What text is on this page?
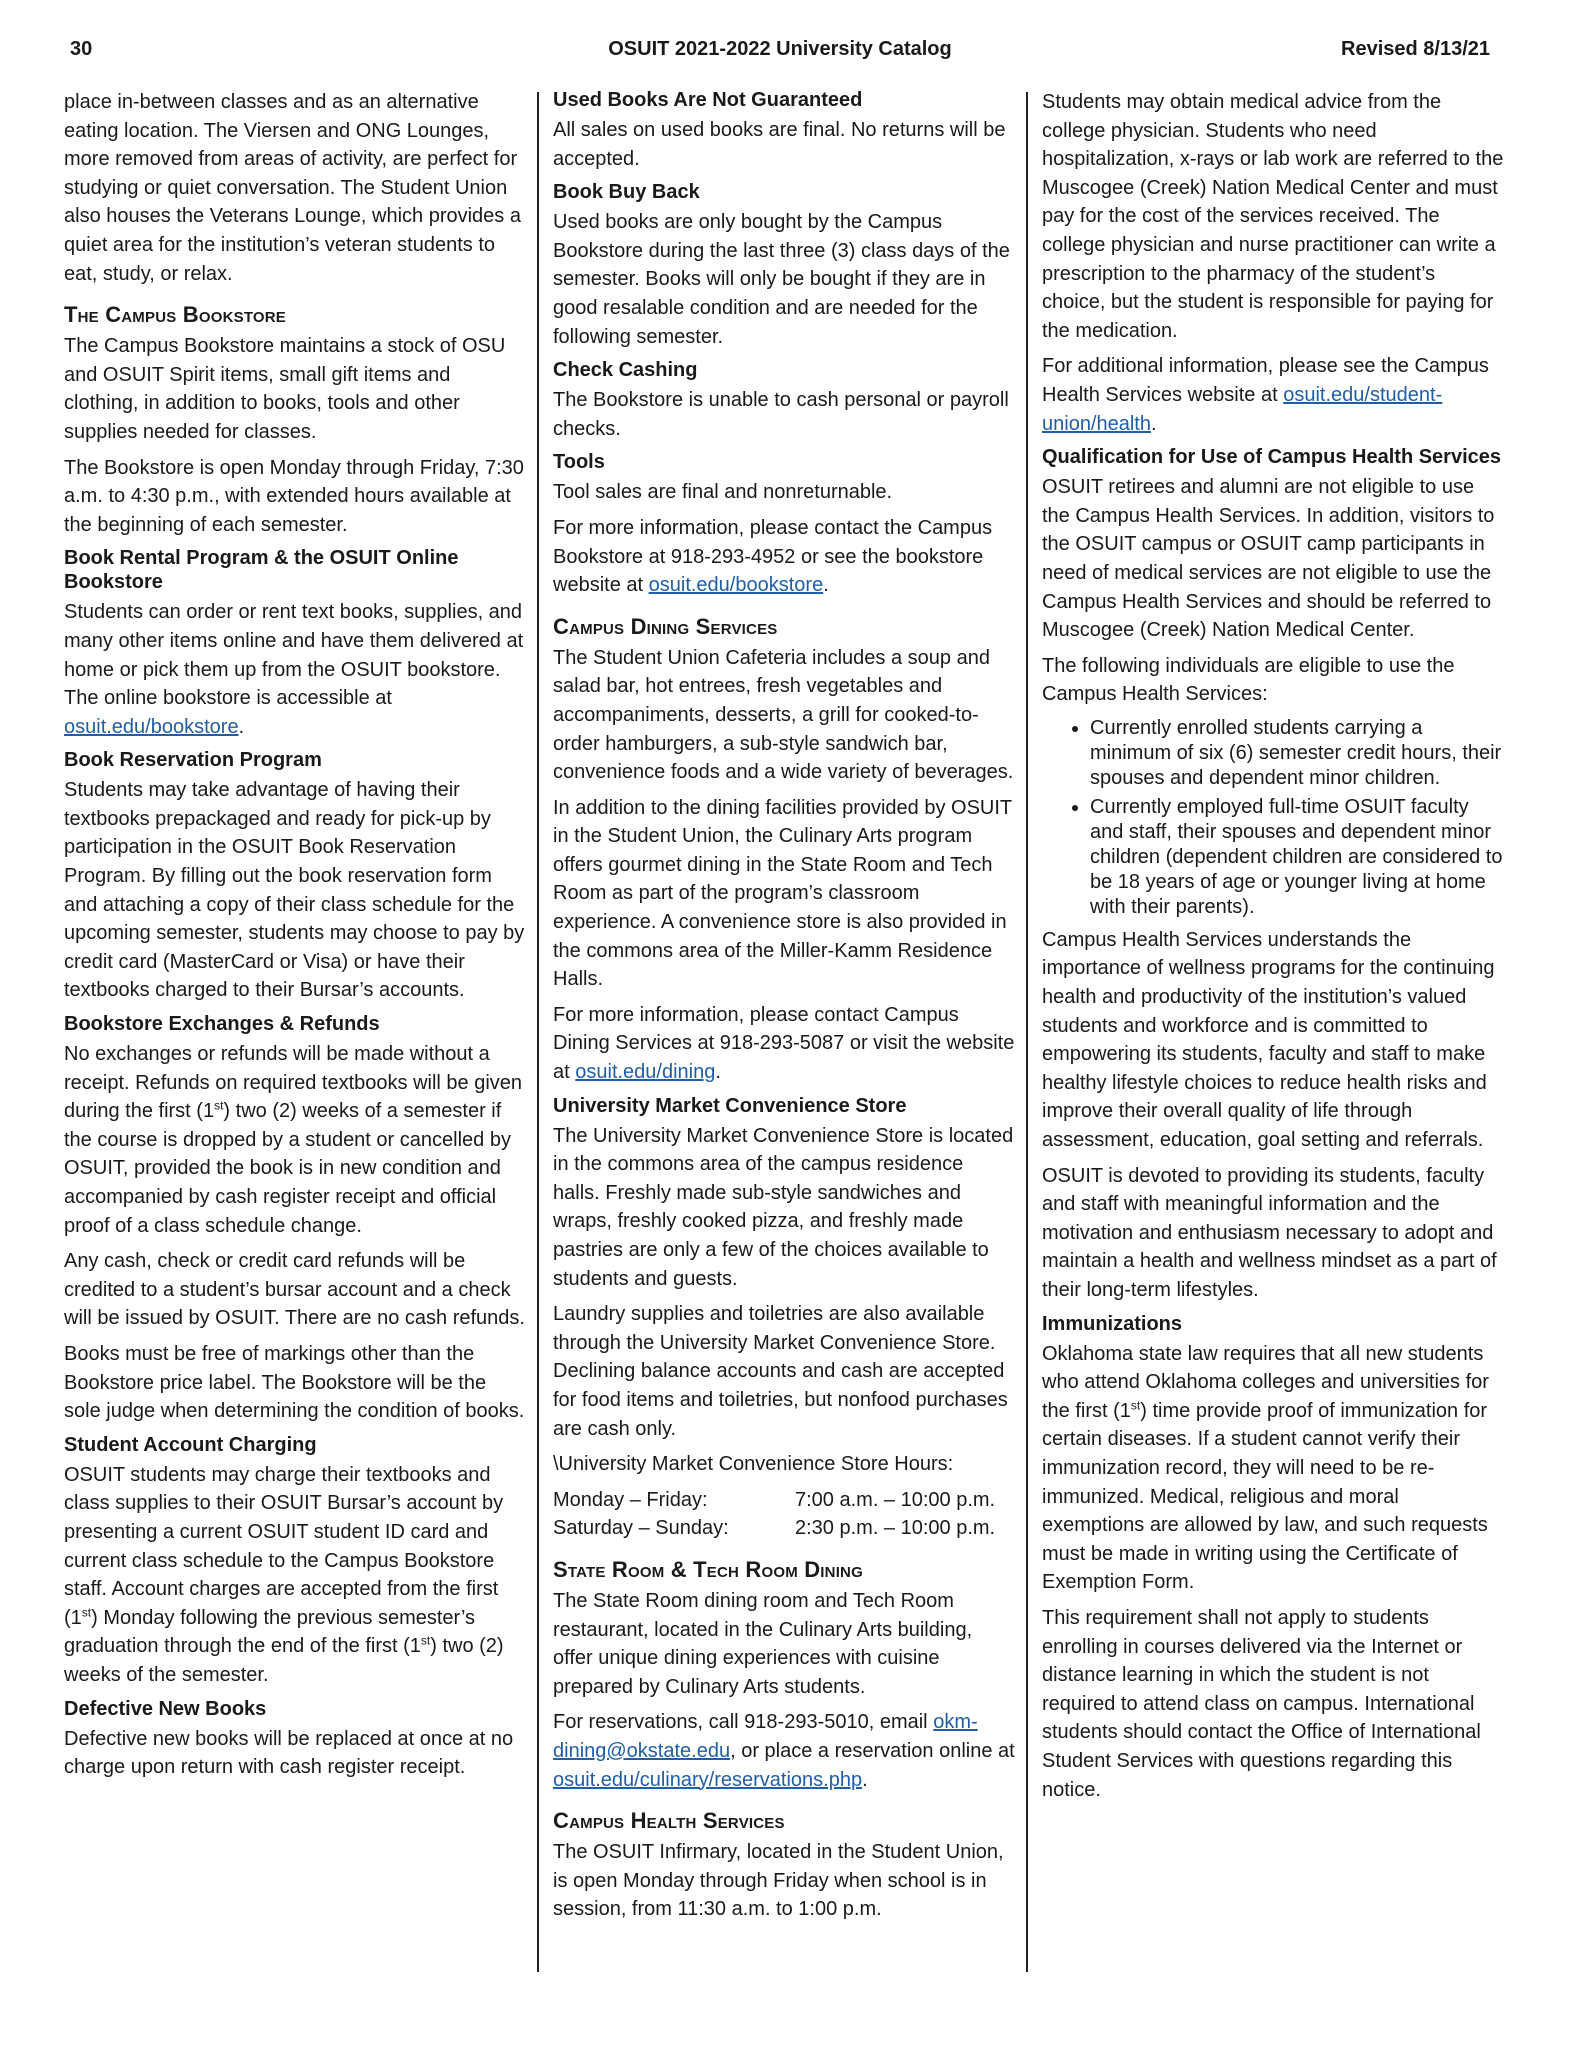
30	OSUIT 2021-2022 University Catalog	Revised 8/13/21

place in-between classes and as an alternative eating location. The Viersen and ONG Lounges, more removed from areas of activity, are perfect for studying or quiet conversation. The Student Union also houses the Veterans Lounge, which provides a quiet area for the institution’s veteran students to eat, study, or relax.

The Campus Bookstore

The Campus Bookstore maintains a stock of OSU and OSUIT Spirit items, small gift items and clothing, in addition to books, tools and other supplies needed for classes.

The Bookstore is open Monday through Friday, 7:30 a.m. to 4:30 p.m., with extended hours available at the beginning of each semester.

Book Rental Program & the OSUIT Online Bookstore

Students can order or rent text books, supplies, and many other items online and have them delivered at home or pick them up from the OSUIT bookstore. The online bookstore is accessible at osuit.edu/bookstore.

Book Reservation Program

Students may take advantage of having their textbooks prepackaged and ready for pick-up by participation in the OSUIT Book Reservation Program. By filling out the book reservation form and attaching a copy of their class schedule for the upcoming semester, students may choose to pay by credit card (MasterCard or Visa) or have their textbooks charged to their Bursar’s accounts.

Bookstore Exchanges & Refunds

No exchanges or refunds will be made without a receipt. Refunds on required textbooks will be given during the first (1st) two (2) weeks of a semester if the course is dropped by a student or cancelled by OSUIT, provided the book is in new condition and accompanied by cash register receipt and official proof of a class schedule change.

Any cash, check or credit card refunds will be credited to a student’s bursar account and a check will be issued by OSUIT. There are no cash refunds.

Books must be free of markings other than the Bookstore price label. The Bookstore will be the sole judge when determining the condition of books.

Student Account Charging

OSUIT students may charge their textbooks and class supplies to their OSUIT Bursar’s account by presenting a current OSUIT student ID card and current class schedule to the Campus Bookstore staff. Account charges are accepted from the first (1st) Monday following the previous semester’s graduation through the end of the first (1st) two (2) weeks of the semester.

Defective New Books

Defective new books will be replaced at once at no charge upon return with cash register receipt.

Used Books Are Not Guaranteed

All sales on used books are final. No returns will be accepted.

Book Buy Back

Used books are only bought by the Campus Bookstore during the last three (3) class days of the semester. Books will only be bought if they are in good resalable condition and are needed for the following semester.

Check Cashing

The Bookstore is unable to cash personal or payroll checks.

Tools

Tool sales are final and nonreturnable.

For more information, please contact the Campus Bookstore at 918-293-4952 or see the bookstore website at osuit.edu/bookstore.

Campus Dining Services

The Student Union Cafeteria includes a soup and salad bar, hot entrees, fresh vegetables and accompaniments, desserts, a grill for cooked-to-order hamburgers, a sub-style sandwich bar, convenience foods and a wide variety of beverages.

In addition to the dining facilities provided by OSUIT in the Student Union, the Culinary Arts program offers gourmet dining in the State Room and Tech Room as part of the program’s classroom experience. A convenience store is also provided in the commons area of the Miller-Kamm Residence Halls.

For more information, please contact Campus Dining Services at 918-293-5087 or visit the website at osuit.edu/dining.

University Market Convenience Store

The University Market Convenience Store is located in the commons area of the campus residence halls. Freshly made sub-style sandwiches and wraps, freshly cooked pizza, and freshly made pastries are only a few of the choices available to students and guests.

Laundry supplies and toiletries are also available through the University Market Convenience Store. Declining balance accounts and cash are accepted for food items and toiletries, but nonfood purchases are cash only.

\University Market Convenience Store Hours:

Monday – Friday:	7:00 a.m. – 10:00 p.m.
Saturday – Sunday:	2:30 p.m. – 10:00 p.m.
State Room & Tech Room Dining

The State Room dining room and Tech Room restaurant, located in the Culinary Arts building, offer unique dining experiences with cuisine prepared by Culinary Arts students.

For reservations, call 918-293-5010, email okm-dining@okstate.edu, or place a reservation online at osuit.edu/culinary/reservations.php.

Campus Health Services

The OSUIT Infirmary, located in the Student Union, is open Monday through Friday when school is in session, from 11:30 a.m. to 1:00 p.m.

Students may obtain medical advice from the college physician. Students who need hospitalization, x-rays or lab work are referred to the Muscogee (Creek) Nation Medical Center and must pay for the cost of the services received. The college physician and nurse practitioner can write a prescription to the pharmacy of the student’s choice, but the student is responsible for paying for the medication.

For additional information, please see the Campus Health Services website at osuit.edu/student-union/health.

Qualification for Use of Campus Health Services

OSUIT retirees and alumni are not eligible to use the Campus Health Services. In addition, visitors to the OSUIT campus or OSUIT camp participants in need of medical services are not eligible to use the Campus Health Services and should be referred to Muscogee (Creek) Nation Medical Center.

The following individuals are eligible to use the Campus Health Services:

• Currently enrolled students carrying a minimum of six (6) semester credit hours, their spouses and dependent minor children.
• Currently employed full-time OSUIT faculty and staff, their spouses and dependent minor children (dependent children are considered to be 18 years of age or younger living at home with their parents).

Campus Health Services understands the importance of wellness programs for the continuing health and productivity of the institution’s valued students and workforce and is committed to empowering its students, faculty and staff to make healthy lifestyle choices to reduce health risks and improve their overall quality of life through assessment, education, goal setting and referrals.

OSUIT is devoted to providing its students, faculty and staff with meaningful information and the motivation and enthusiasm necessary to adopt and maintain a health and wellness mindset as a part of their long-term lifestyles.

Immunizations

Oklahoma state law requires that all new students who attend Oklahoma colleges and universities for the first (1st) time provide proof of immunization for certain diseases. If a student cannot verify their immunization record, they will need to be re-immunized. Medical, religious and moral exemptions are allowed by law, and such requests must be made in writing using the Certificate of Exemption Form.

This requirement shall not apply to students enrolling in courses delivered via the Internet or distance learning in which the student is not required to attend class on campus. International students should contact the Office of International Student Services with questions regarding this notice.
